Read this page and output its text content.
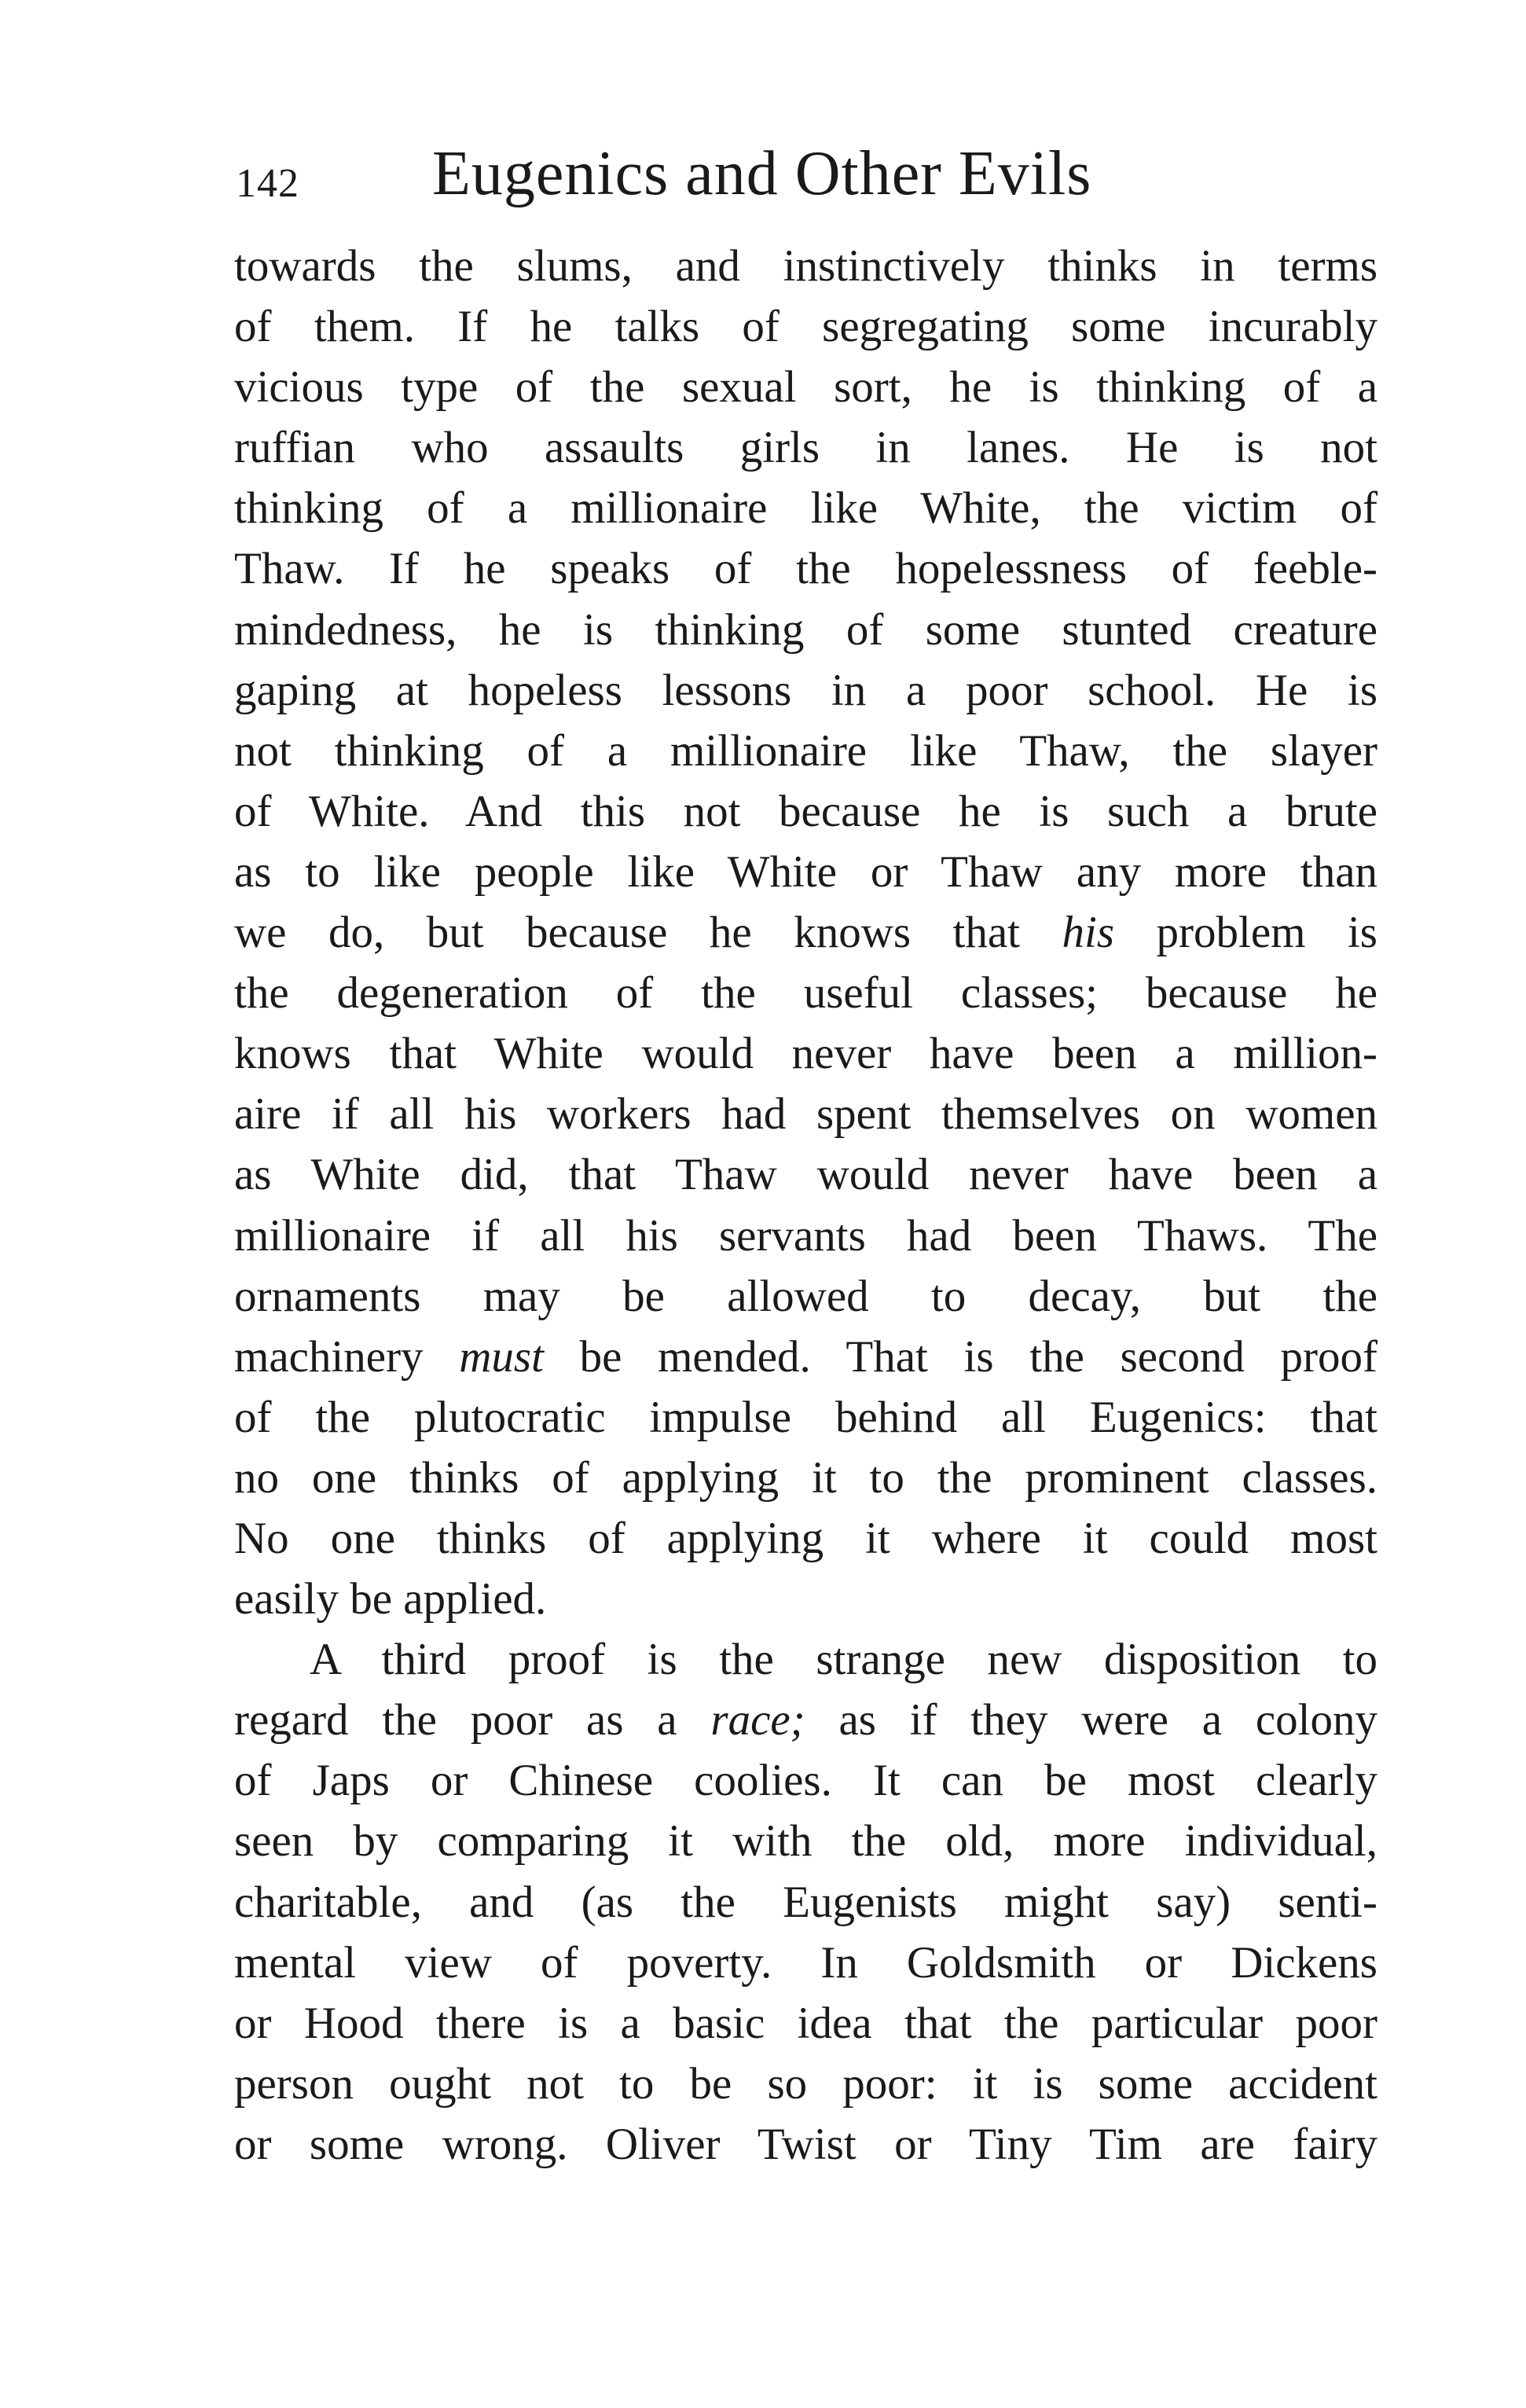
142 Eugenics and Other Evils
towards the slums, and instinctively thinks in terms
of them. If he talks of segregating some incurably
vicious type of the sexual sort, he is thinking of a
ruffian who assaults girls in lanes. He is not
thinking of a millionaire like White, the victim of
Thaw. If he speaks of the hopelessness of feeble-
mindedness, he is thinking of some stunted creature
gaping at hopeless lessons in a poor school. He is
not thinking of a millionaire like Thaw, the slayer
of White. And this not because he is such a brute
as to like people like White or Thaw any more than
we do, but because he knows that his problem is
the degeneration of the useful classes; because he
knows that White would never have been a million-
aire if all his workers had spent themselves on women
as White did, that Thaw would never have been a
millionaire if all his servants had been Thaws. The
ornaments may be allowed to decay, but the
machinery must be mended. That is the second proof
of the plutocratic impulse behind all Eugenics: that
no one thinks of applying it to the prominent classes.
No one thinks of applying it where it could most
easily be applied.
A third proof is the strange new disposition to
regard the poor as a race; as if they were a colony
of Japs or Chinese coolies. It can be most clearly
seen by comparing it with the old, more individual,
charitable, and (as the Eugenists might say) senti-
mental view of poverty. In Goldsmith or Dickens
or Hood there is a basic idea that the particular poor
person ought not to be so poor: it is some accident
or some wrong. Oliver Twist or Tiny Tim are fairy
